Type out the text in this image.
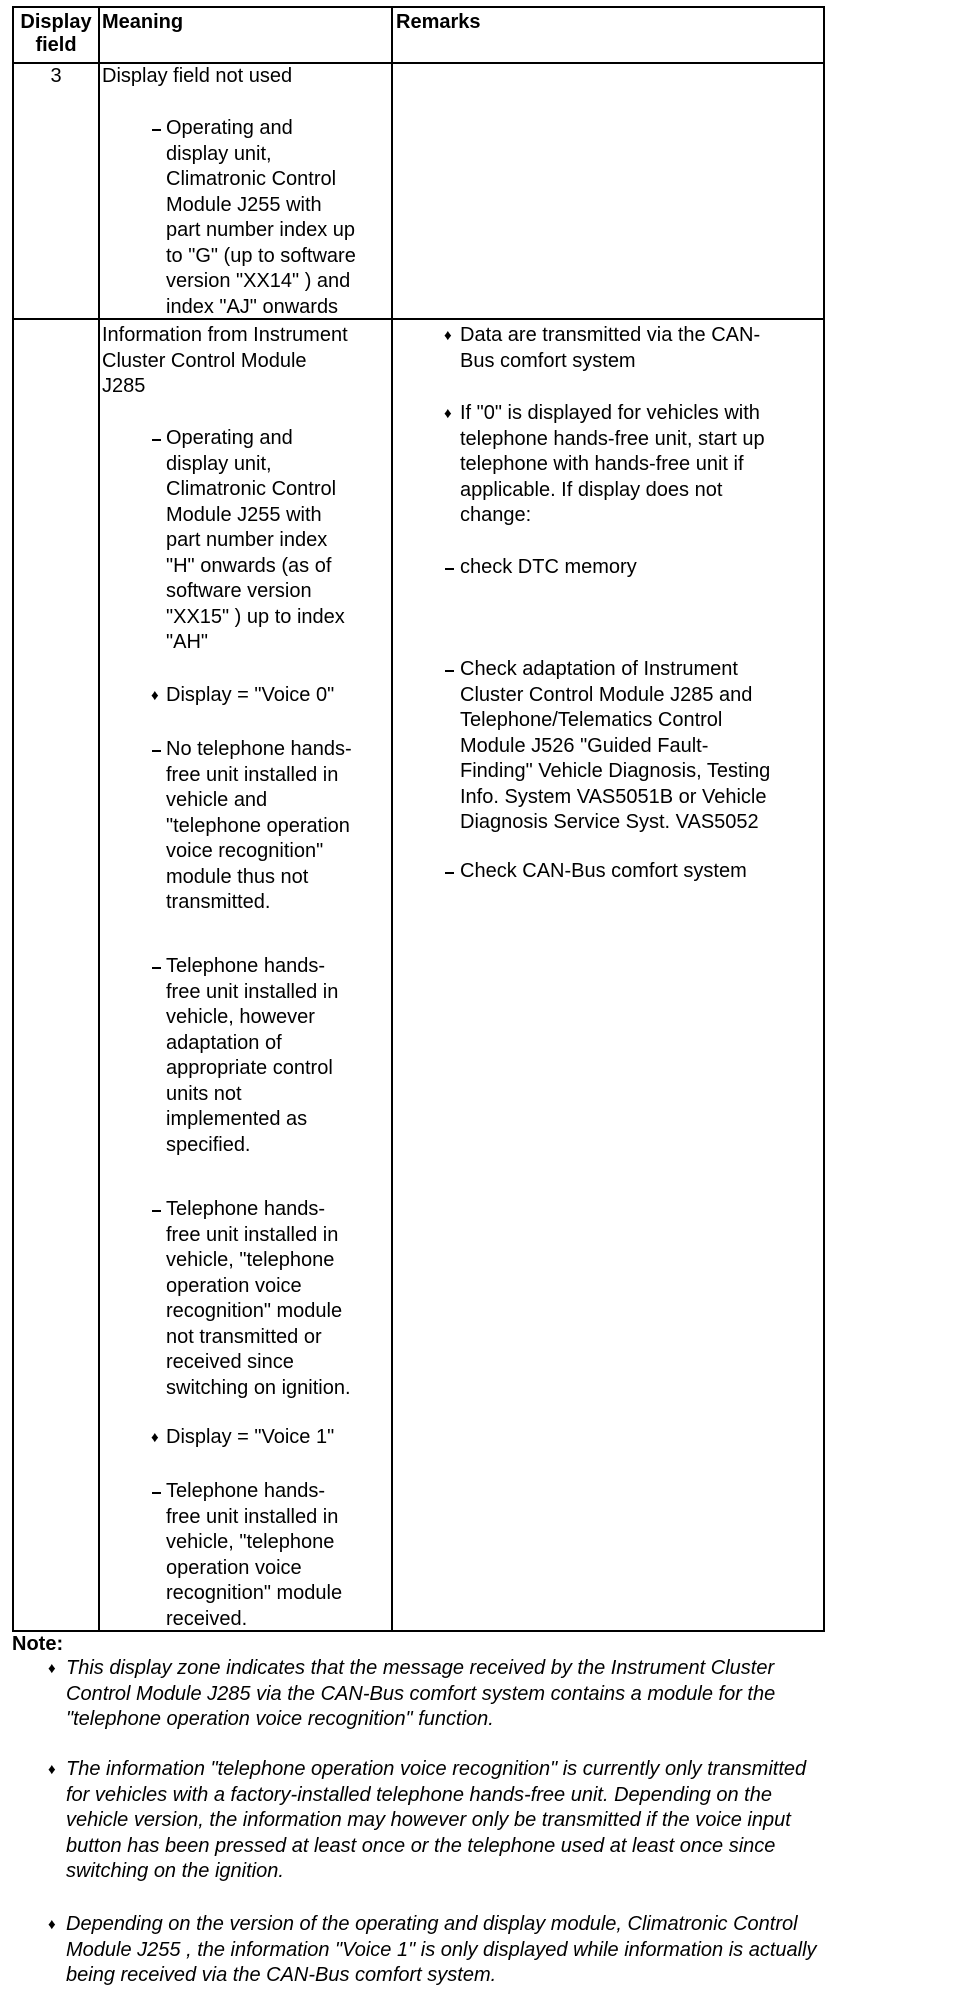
Display
field
Meaning	Remarks
3	Display field not used
Operating and
display unit,
Climatronic Control
Module J255 with
part number index up
to "G" (up to software
version "XX14" ) and
index "AJ" onwards
Information from Instrument
Cluster Control Module
J285
Operating and
display unit,
Climatronic Control
Module J255 with
part number index
"H" onwards (as of
software version
"XX15" ) up to index
"AH"
♦ Display = "Voice 0"
No telephone hands-
free unit installed in
vehicle and
"telephone operation
voice recognition"
module thus not
transmitted.
Telephone hands-
free unit installed in
vehicle, however
adaptation of
appropriate control
units not
implemented as
specified.
Telephone hands-
free unit installed in
vehicle, "telephone
operation voice
recognition" module
not transmitted or
received since
switching on ignition.
♦ Display = "Voice 1"
Telephone hands-
free unit installed in
vehicle, "telephone
operation voice
recognition" module
received.
♦ Data are transmitted via the CAN-
Bus comfort system
♦ If "0" is displayed for vehicles with
telephone hands-free unit, start up
telephone with hands-free unit if
applicable. If display does not
change:
check DTC memory
Check adaptation of Instrument
Cluster Control Module J285 and
Telephone/Telematics Control
Module J526 "Guided Fault-
Finding" Vehicle Diagnosis, Testing
Info. System VAS5051B or Vehicle
Diagnosis Service Syst. VAS5052
Check CAN-Bus comfort system
Note:
♦ This display zone indicates that the message received by the Instrument Cluster
Control Module J285 via the CAN-Bus comfort system contains a module for the
"telephone operation voice recognition" function.
♦ The information "telephone operation voice recognition" is currently only transmitted
for vehicles with a factory-installed telephone hands-free unit. Depending on the
vehicle version, the information may however only be transmitted if the voice input
button has been pressed at least once or the telephone used at least once since
switching on the ignition.
♦ Depending on the version of the operating and display module, Climatronic Control
Module J255 , the information "Voice 1" is only displayed while information is actually
being received via the CAN-Bus comfort system.
